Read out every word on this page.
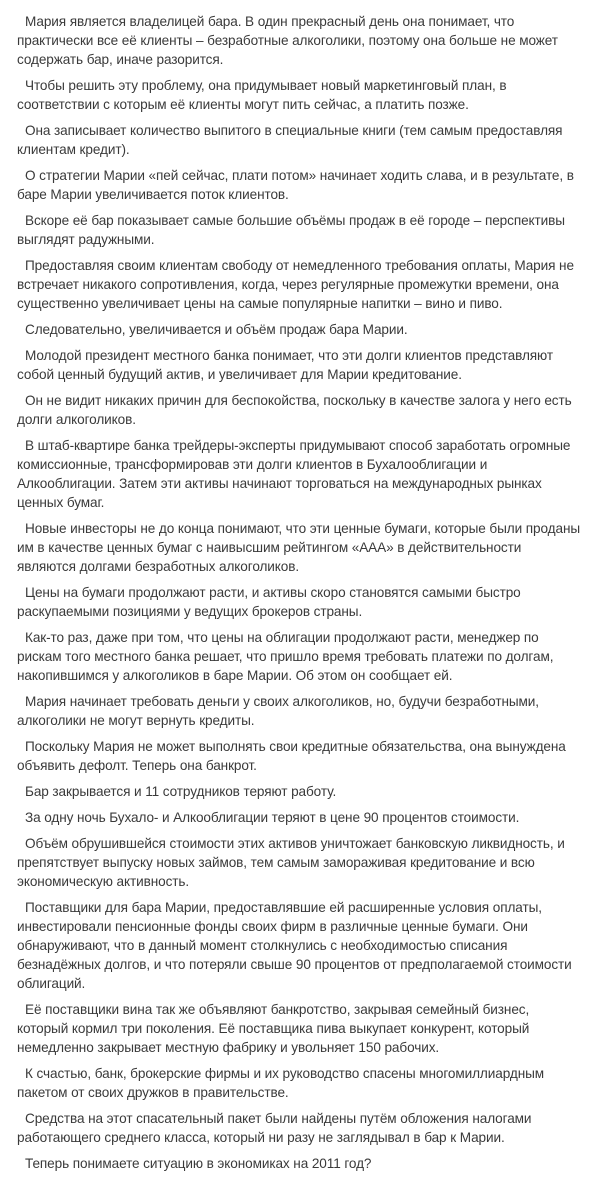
Мария является владелицей бара. В один прекрасный день она понимает, что практически все её клиенты – безработные алкоголики, поэтому она больше не может содержать бар, иначе разорится.

Чтобы решить эту проблему, она придумывает новый маркетинговый план, в соответствии с которым её клиенты могут пить сейчас, а платить позже.

Она записывает количество выпитого в специальные книги (тем самым предоставляя клиентам кредит).

О стратегии Марии «пей сейчас, плати потом» начинает ходить слава, и в результате, в баре Марии увеличивается поток клиентов.

Вскоре её бар показывает самые большие объёмы продаж в её городе – перспективы выглядят радужными.

Предоставляя своим клиентам свободу от немедленного требования оплаты, Мария не встречает никакого сопротивления, когда, через регулярные промежутки времени, она существенно увеличивает цены на самые популярные напитки – вино и пиво.

Следовательно, увеличивается и объём продаж бара Марии.

Молодой президент местного банка понимает, что эти долги клиентов представляют собой ценный будущий актив, и увеличивает для Марии кредитование.

Он не видит никаких причин для беспокойства, поскольку в качестве залога у него есть долги алкоголиков.

В штаб-квартире банка трейдеры-эксперты придумывают способ заработать огромные комиссионные, трансформировав эти долги клиентов в Бухалооблигации и Алкооблигации. Затем эти активы начинают торговаться на международных рынках ценных бумаг.

Новые инвесторы не до конца понимают, что эти ценные бумаги, которые были проданы им в качестве ценных бумаг с наивысшим рейтингом «ААА» в действительности являются долгами безработных алкоголиков.

Цены на бумаги продолжают расти, и активы скоро становятся самыми быстро раскупаемыми позициями у ведущих брокеров страны.

Как-то раз, даже при том, что цены на облигации продолжают расти, менеджер по рискам того местного банка решает, что пришло время требовать платежи по долгам, накопившимся у алкоголиков в баре Марии. Об этом он сообщает ей.

Мария начинает требовать деньги у своих алкоголиков, но, будучи безработными, алкоголики не могут вернуть кредиты.

Поскольку Мария не может выполнять свои кредитные обязательства, она вынуждена объявить дефолт. Теперь она банкрот.

Бар закрывается и 11 сотрудников теряют работу.

За одну ночь Бухало- и Алкооблигации теряют в цене 90 процентов стоимости.

Объём обрушившейся стоимости этих активов уничтожает банковскую ликвидность, и препятствует выпуску новых займов, тем самым замораживая кредитование и всю экономическую активность.

Поставщики для бара Марии, предоставлявшие ей расширенные условия оплаты, инвестировали пенсионные фонды своих фирм в различные ценные бумаги. Они обнаруживают, что в данный момент столкнулись с необходимостью списания безнадёжных долгов, и что потеряли свыше 90 процентов от предполагаемой стоимости облигаций.

Её поставщики вина так же объявляют банкротство, закрывая семейный бизнес, который кормил три поколения. Её поставщика пива выкупает конкурент, который немедленно закрывает местную фабрику и увольняет 150 рабочих.

К счастью, банк, брокерские фирмы и их руководство спасены многомиллиардным пакетом от своих дружков в правительстве.

Средства на этот спасательный пакет были найдены путём обложения налогами работающего среднего класса, который ни разу не заглядывал в бар к Марии.

Теперь понимаете ситуацию в экономиках на 2011 год?
